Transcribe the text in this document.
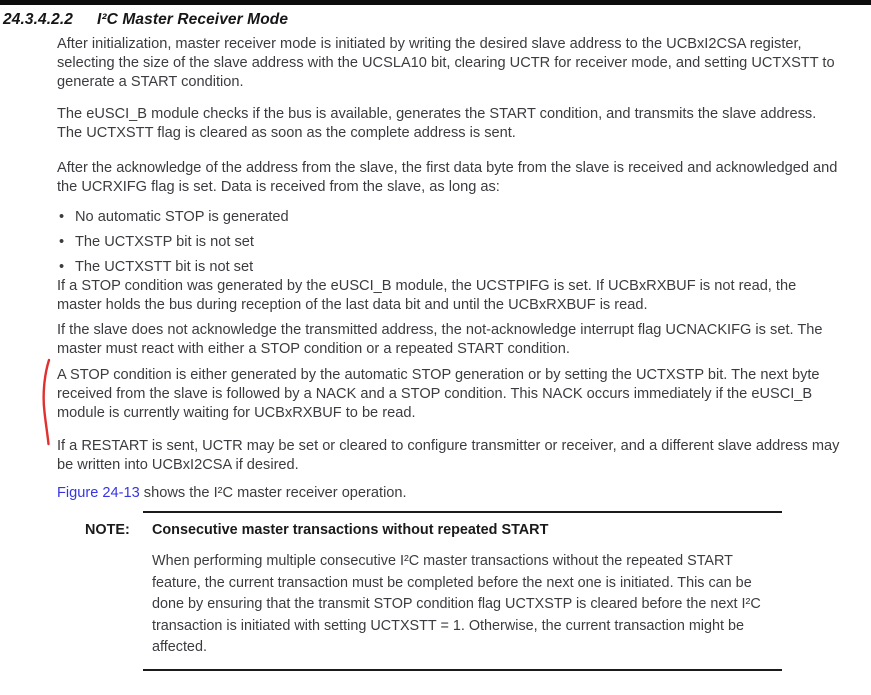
24.3.4.2.2	I²C Master Receiver Mode

After initialization, master receiver mode is initiated by writing the desired slave address to the UCBxI2CSA register, selecting the size of the slave address with the UCSLA10 bit, clearing UCTR for receiver mode, and setting UCTXSTT to generate a START condition.

The eUSCI_B module checks if the bus is available, generates the START condition, and transmits the slave address. The UCTXSTT flag is cleared as soon as the complete address is sent.

After the acknowledge of the address from the slave, the first data byte from the slave is received and acknowledged and the UCRXIFG flag is set. Data is received from the slave, as long as:

• No automatic STOP is generated
• The UCTXSTP bit is not set
• The UCTXSTT bit is not set

If a STOP condition was generated by the eUSCI_B module, the UCSTPIFG is set. If UCBxRXBUF is not read, the master holds the bus during reception of the last data bit and until the UCBxRXBUF is read.

If the slave does not acknowledge the transmitted address, the not-acknowledge interrupt flag UCNACKIFG is set. The master must react with either a STOP condition or a repeated START condition.

A STOP condition is either generated by the automatic STOP generation or by setting the UCTXSTP bit. The next byte received from the slave is followed by a NACK and a STOP condition. This NACK occurs immediately if the eUSCI_B module is currently waiting for UCBxRXBUF to be read.

If a RESTART is sent, UCTR may be set or cleared to configure transmitter or receiver, and a different slave address may be written into UCBxI2CSA if desired.

Figure 24-13 shows the I²C master receiver operation.

NOTE:	Consecutive master transactions without repeated START

When performing multiple consecutive I²C master transactions without the repeated START feature, the current transaction must be completed before the next one is initiated. This can be done by ensuring that the transmit STOP condition flag UCTXSTP is cleared before the next I²C transaction is initiated with setting UCTXSTT = 1. Otherwise, the current transaction might be affected.
